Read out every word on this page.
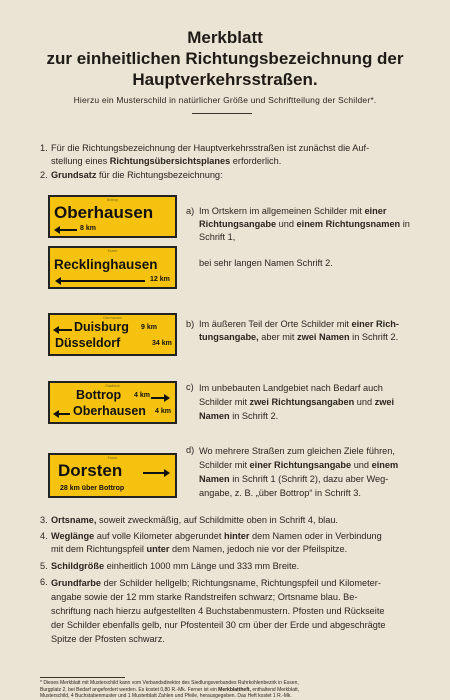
Merkblatt
zur einheitlichen Richtungsbezeichnung der
Hauptverkehrsstraßen.
Hierzu ein Musterschild in natürlicher Größe und Schriftteilung der Schilder*.
1. Für die Richtungsbezeichnung der Hauptverkehrsstraßen ist zunächst die Auf-
stellung eines Richtungsübersichtsplanes erforderlich.
2. Grundsatz für die Richtungsbezeichnung:
Bottrop
Oberhausen
8 km
Essen
Recklinghausen
12 km
a) Im Ortskern im allgemeinen Schilder mit einer
Richtungsangabe und einem Richtungsnamen in
Schrift 1,
bei sehr langen Namen Schrift 2.
Oberhausen
Duisburg 9 km
Düsseldorf	34 km
b) Im äußeren Teil der Orte Schilder mit einer Rich-
tungsangabe, aber mit zwei Namen in Schrift 2.
Gladbeck
Bottrop 4 km
Oberhausen 4 km
c) Im unbebauten Landgebiet nach Bedarf auch
Schilder mit zwei Richtungsangaben und zwei
Namen in Schrift 2.
Essen
Dorsten
28 km über Bottrop
d) Wo mehrere Straßen zum gleichen Ziele führen,
Schilder mit einer Richtungsangabe und einem
Namen in Schrift 1 (Schrift 2), dazu aber Weg-
angabe, z. B. „über Bottrop“ in Schrift 3.
3. Ortsname, soweit zweckmäßig, auf Schildmitte oben in Schrift 4, blau.
4. Weglänge auf volle Kilometer abgerundet hinter dem Namen oder in Verbindung
mit dem Richtungspfeil unter dem Namen, jedoch nie vor der Pfeilspitze.
5. Schildgröße einheitlich 1000 mm Länge und 333 mm Breite.
6. Grundfarbe der Schilder hellgelb; Richtungsname, Richtungspfeil und Kilometer-
angabe sowie der 12 mm starke Randstreifen schwarz; Ortsname blau. Be-
schriftung nach hierzu aufgestellten 4 Buchstabenmustern. Pfosten und Rückseite
der Schilder ebenfalls gelb, nur Pfostenteil 30 cm über der Erde und abgeschrägte
Spitze der Pfosten schwarz.
* Dieses Merkblatt mit Musterschild kann vom Verbandsdirektor des Siedlungsverbandes Ruhrkohlenbezirk in Essen,
Burgplatz 2, bei Bedarf angefordert werden. Es kostet 0,80 R.-Mk. Ferner ist ein Merkblattheft, enthaltend Merkblatt,
Musterschild, 4 Buchstabenmuster und 1 Musterblatt Zahlen und Pfeile, herausgegeben. Das Heft kostet 1 R.-Mk.
